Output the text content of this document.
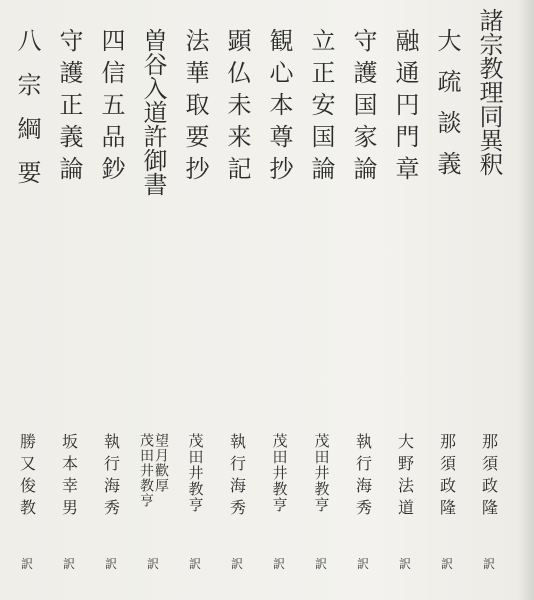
諸宗教理同異釈
那須政隆
訳
大疏談義
那須政隆
訳
融通円門章
大野法道
訳
守護国家論
執行海秀
訳
立正安国論
茂田井教亨
訳
観心本尊抄
茂田井教亨
訳
顕仏未来記
執行海秀
訳
法華取要抄
茂田井教亨
訳
曽谷入道許御書
望月歡厚
茂田井教亨
訳
四信五品鈔
執行海秀
訳
守護正義論
坂本幸男
訳
八宗綱要
勝又俊教
訳
